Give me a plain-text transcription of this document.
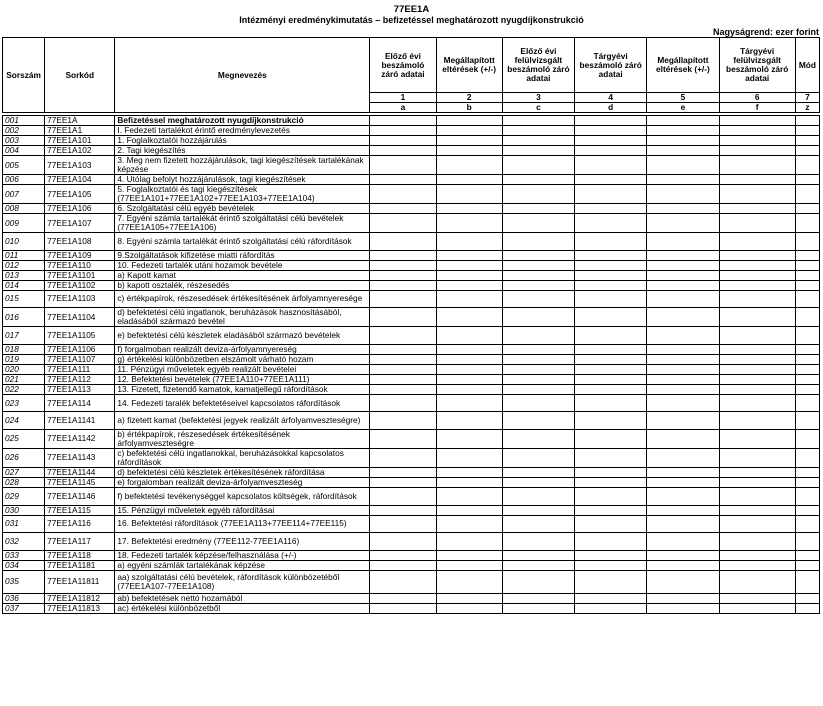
77EE1A
Intézményi eredménykimutatás – befizetéssel meghatározott nyugdíjkonstrukció
Nagyságrend: ezer forint
Sorszám	Sorkód	Megnevezés	Előző évi beszámoló záró adatai	Megállapított eltérések (+/-)	Előző évi felülvizsgált beszámoló záró adatai	Tárgyévi beszámoló záró adatai	Megállapított eltérések (+/-)	Tárgyévi felülvizsgált beszámoló záró adatai	Mód
			1	2	3	4	5	6	7
			a	b	c	d	e	f	z

001	77EE1A	Befizetéssel meghatározott nyugdíjkonstrukció							
002	77EE1A1	I. Fedezeti tartalékot érintő eredménylevezetés							
003	77EE1A101	1. Foglalkoztatói hozzájárulás							
004	77EE1A102	2. Tagi kiegészítés							
005	77EE1A103	3. Meg nem fizetett hozzájárulások, tagi kiegészítések tartalékának képzése							
006	77EE1A104	4. Utólag befolyt hozzájárulások, tagi kiegészítések							
007	77EE1A105	5. Foglalkoztatói és tagi kiegészítések (77EE1A101+77EE1A102+77EE1A103+77EE1A104)							
008	77EE1A106	6. Szolgáltatási célú egyéb bevételek							
009	77EE1A107	7. Egyéni számla tartalékát érintő szolgáltatási célú bevételek (77EE1A105+77EE1A106)							
010	77EE1A108	8. Egyéni számla tartalékát érintő szolgáltatási célú ráfordítások							
011	77EE1A109	9.Szolgáltatások kifizetése miatti ráfordítás							
012	77EE1A110	10. Fedezeti tartalék utáni hozamok bevétele							
013	77EE1A1101	a) Kapott kamat							
014	77EE1A1102	b) kapott osztalék, részesedés							
015	77EE1A1103	c) értékpapírok, részesedések értékesítésének árfolyamnyeresége							
016	77EE1A1104	d) befektetési célú ingatlanok, beruházások hasznosításából, eladásából származó bevétel							
017	77EE1A1105	e) befektetési célú készletek eladásából származó bevételek							
018	77EE1A1106	f) forgalmoban realizált deviza-árfolyamnyereség							
019	77EE1A1107	g) értékelési különbözetben elszámolt várható hozam							
020	77EE1A111	11. Pénzügyi műveletek egyéb realizált bevételei							
021	77EE1A112	12. Befektetési bevételek (77EE1A110+77EE1A111)							
022	77EE1A113	13. Fizetett, fizetendő kamatok, kamatjellegű ráfordítások							
023	77EE1A114	14. Fedezeti taralék befektetéseivel kapcsolatos ráfordítások							
024	77EE1A1141	a) fizetett kamat (befektetési jegyek realizált árfolyamveszteségre)							
025	77EE1A1142	b) értékpapírok, részesedések értékesítésének árfolyamveszteségre							
026	77EE1A1143	c) befektetési célú ingatlanokkal, beruházásokkal kapcsolatos ráfordítások							
027	77EE1A1144	d) befektetési célú készletek értékesítésének ráfordítása							
028	77EE1A1145	e) forgalomban realizált deviza-árfolyamveszteség							
029	77EE1A1146	f) befektetési tevékenységgel kapcsolatos költségek, ráfordítások							
030	77EE1A115	15. Pénzügyi műveletek egyéb ráfordításai							
031	77EE1A116	16. Befektetési ráfordítások (77EE1A113+77EE114+77EE115)							
032	77EE1A117	17. Befektetési eredmény (77EE112-77EE1A116)							
033	77EE1A118	18. Fedezeti tartalék képzése/felhasználása (+/-)							
034	77EE1A1181	a) egyéni számlák tartalékának képzése							
035	77EE1A11811	aa) szolgáltatási célú bevételek, ráfordítások különbözetéből (77EE1A107-77EE1A108)							
036	77EE1A11812	ab) befektetések nettó hozamából							
037	77EE1A11813	ac) értékelési különbözetből							
